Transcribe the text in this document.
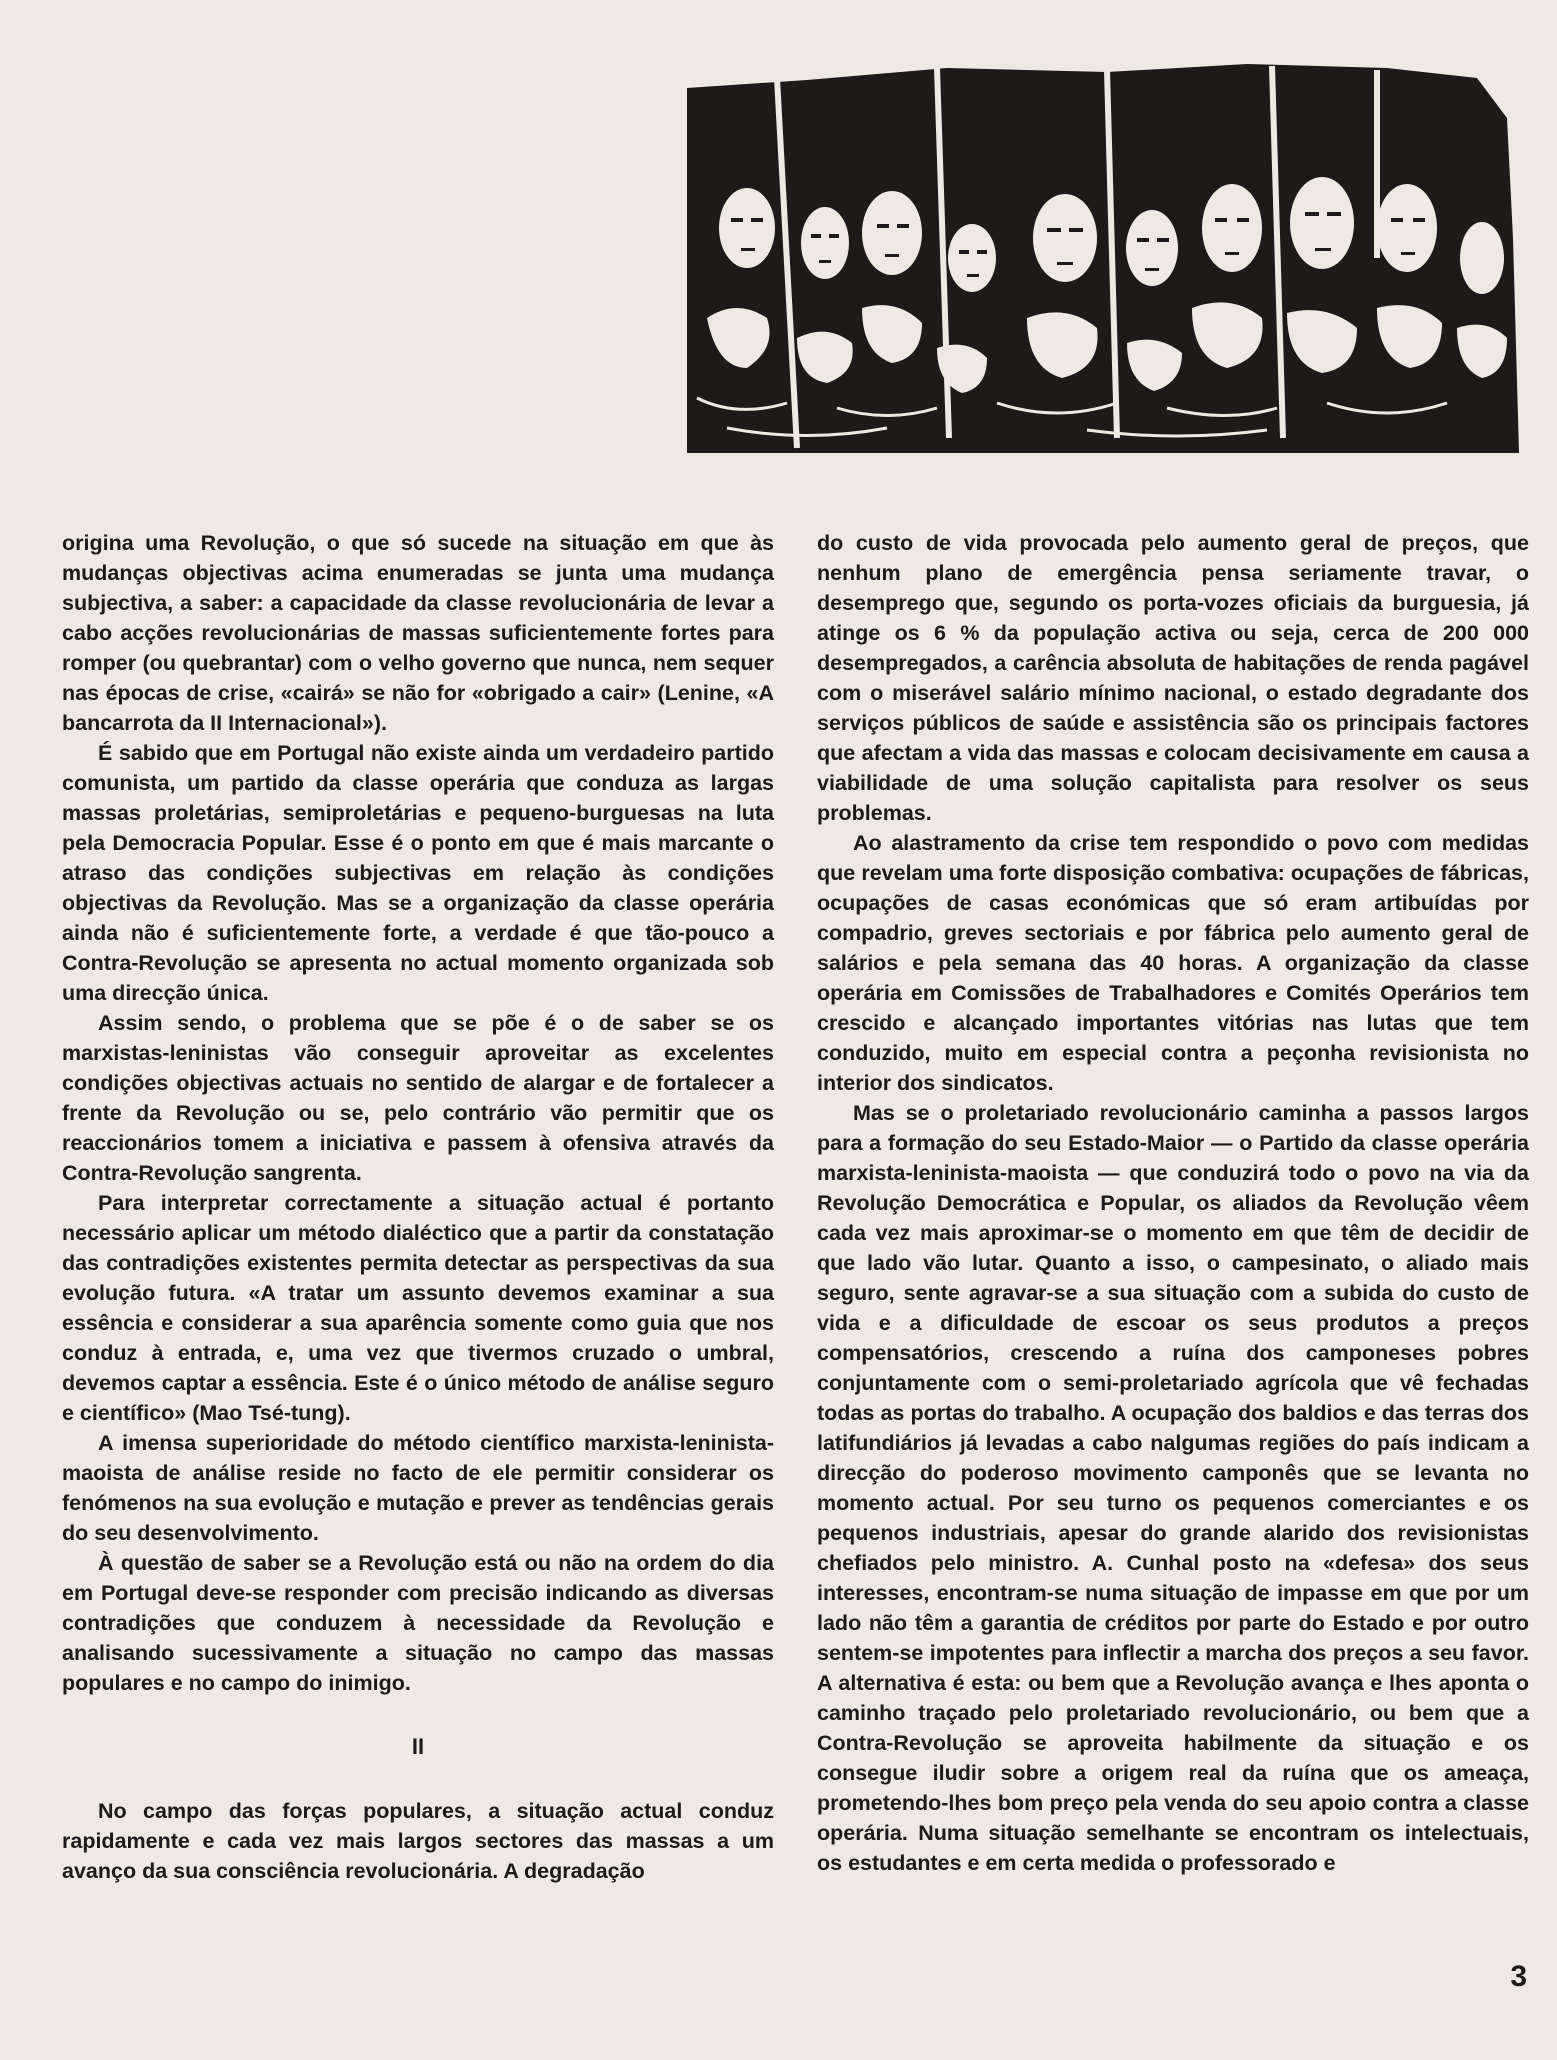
origina uma Revolução, o que só sucede na situação em que às mudanças objectivas acima enumeradas se junta uma mudança subjectiva, a saber: a capacidade da classe revolucionária de levar a cabo acções revolucionárias de massas suficientemente fortes para romper (ou quebrantar) com o velho governo que nunca, nem sequer nas épocas de crise, «cairá» se não for «obrigado a cair» (Lenine, «A bancarrota da II Internacional»).

É sabido que em Portugal não existe ainda um verdadeiro partido comunista, um partido da classe operária que conduza as largas massas proletárias, semiproletárias e pequeno-burguesas na luta pela Democracia Popular. Esse é o ponto em que é mais marcante o atraso das condições subjectivas em relação às condições objectivas da Revolução. Mas se a organização da classe operária ainda não é suficientemente forte, a verdade é que tão-pouco a Contra-Revolução se apresenta no actual momento organizada sob uma direcção única.

Assim sendo, o problema que se põe é o de saber se os marxistas-leninistas vão conseguir aproveitar as excelentes condições objectivas actuais no sentido de alargar e de fortalecer a frente da Revolução ou se, pelo contrário vão permitir que os reaccionários tomem a iniciativa e passem à ofensiva através da Contra-Revolução sangrenta.

Para interpretar correctamente a situação actual é portanto necessário aplicar um método dialéctico que a partir da constatação das contradições existentes permita detectar as perspectivas da sua evolução futura. «A tratar um assunto devemos examinar a sua essência e considerar a sua aparência somente como guia que nos conduz à entrada, e, uma vez que tivermos cruzado o umbral, devemos captar a essência. Este é o único método de análise seguro e científico» (Mao Tsé-tung).

A imensa superioridade do método científico marxista-leninista-maoista de análise reside no facto de ele permitir considerar os fenómenos na sua evolução e mutação e prever as tendências gerais do seu desenvolvimento.

À questão de saber se a Revolução está ou não na ordem do dia em Portugal deve-se responder com precisão indicando as diversas contradições que conduzem à necessidade da Revolução e analisando sucessivamente a situação no campo das massas populares e no campo do inimigo.

II

No campo das forças populares, a situação actual conduz rapidamente e cada vez mais largos sectores das massas a um avanço da sua consciência revolucionária. A degradação

do custo de vida provocada pelo aumento geral de preços, que nenhum plano de emergência pensa seriamente travar, o desemprego que, segundo os porta-vozes oficiais da burguesia, já atinge os 6 % da população activa ou seja, cerca de 200 000 desempregados, a carência absoluta de habitações de renda pagável com o miserável salário mínimo nacional, o estado degradante dos serviços públicos de saúde e assistência são os principais factores que afectam a vida das massas e colocam decisivamente em causa a viabilidade de uma solução capitalista para resolver os seus problemas.

Ao alastramento da crise tem respondido o povo com medidas que revelam uma forte disposição combativa: ocupações de fábricas, ocupações de casas económicas que só eram artibuídas por compadrio, greves sectoriais e por fábrica pelo aumento geral de salários e pela semana das 40 horas. A organização da classe operária em Comissões de Trabalhadores e Comités Operários tem crescido e alcançado importantes vitórias nas lutas que tem conduzido, muito em especial contra a peçonha revisionista no interior dos sindicatos.

Mas se o proletariado revolucionário caminha a passos largos para a formação do seu Estado-Maior — o Partido da classe operária marxista-leninista-maoista — que conduzirá todo o povo na via da Revolução Democrática e Popular, os aliados da Revolução vêem cada vez mais aproximar-se o momento em que têm de decidir de que lado vão lutar. Quanto a isso, o campesinato, o aliado mais seguro, sente agravar-se a sua situação com a subida do custo de vida e a dificuldade de escoar os seus produtos a preços compensatórios, crescendo a ruína dos camponeses pobres conjuntamente com o semi-proletariado agrícola que vê fechadas todas as portas do trabalho. A ocupação dos baldios e das terras dos latifundiários já levadas a cabo nalgumas regiões do país indicam a direcção do poderoso movimento camponês que se levanta no momento actual. Por seu turno os pequenos comerciantes e os pequenos industriais, apesar do grande alarido dos revisionistas chefiados pelo ministro. A. Cunhal posto na «defesa» dos seus interesses, encontram-se numa situação de impasse em que por um lado não têm a garantia de créditos por parte do Estado e por outro sentem-se impotentes para inflectir a marcha dos preços a seu favor. A alternativa é esta: ou bem que a Revolução avança e lhes aponta o caminho traçado pelo proletariado revolucionário, ou bem que a Contra-Revolução se aproveita habilmente da situação e os consegue iludir sobre a origem real da ruína que os ameaça, prometendo-lhes bom preço pela venda do seu apoio contra a classe operária. Numa situação semelhante se encontram os intelectuais, os estudantes e em certa medida o professorado e

3
